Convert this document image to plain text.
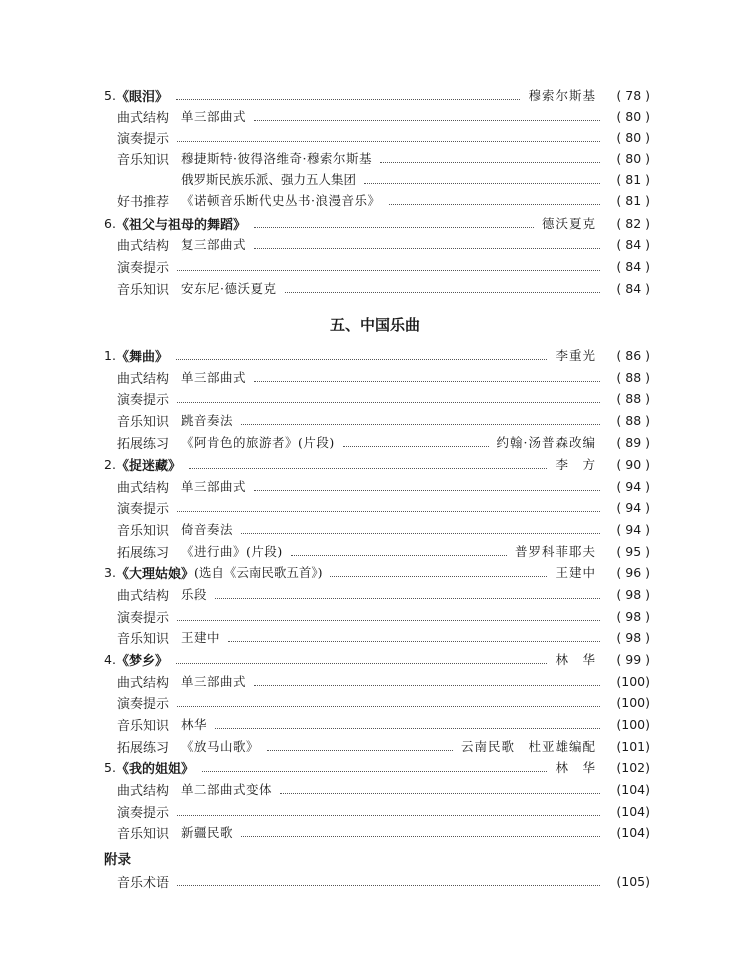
5. 《眼泪》	穆索尔斯基	( 78 )
曲式结构 单三部曲式	( 80 )
演奏提示	( 80 )
音乐知识 穆捷斯特·彼得洛维奇·穆索尔斯基	( 80 )
俄罗斯民族乐派、强力五人集团	( 81 )
好书推荐 《诺顿音乐断代史丛书·浪漫音乐》	( 81 )
6. 《祖父与祖母的舞蹈》	德沃夏克	( 82 )
曲式结构 复三部曲式	( 84 )
演奏提示	( 84 )
音乐知识 安东尼·德沃夏克	( 84 )
五、中国乐曲
1. 《舞曲》	李重光	( 86 )
曲式结构 单三部曲式	( 88 )
演奏提示	( 88 )
音乐知识 跳音奏法	( 88 )
拓展练习 《阿肯色的旅游者》(片段)	约翰·汤普森改编	( 89 )
2. 《捉迷藏》	李　方	( 90 )
曲式结构 单三部曲式	( 94 )
演奏提示	( 94 )
音乐知识 倚音奏法	( 94 )
拓展练习 《进行曲》(片段)	普罗科菲耶夫	( 95 )
3. 《大理姑娘》 (选自《云南民歌五首》)	王建中	( 96 )
曲式结构 乐段	( 98 )
演奏提示	( 98 )
音乐知识 王建中	( 98 )
4. 《梦乡》	林　华	( 99 )
曲式结构 单三部曲式	(100)
演奏提示	(100)
音乐知识 林华	(100)
拓展练习 《放马山歌》	云南民歌　杜亚雄编配	(101)
5. 《我的姐姐》	林　华	(102)
曲式结构 单二部曲式变体	(104)
演奏提示	(104)
音乐知识 新疆民歌	(104)
附录
音乐术语	(105)
